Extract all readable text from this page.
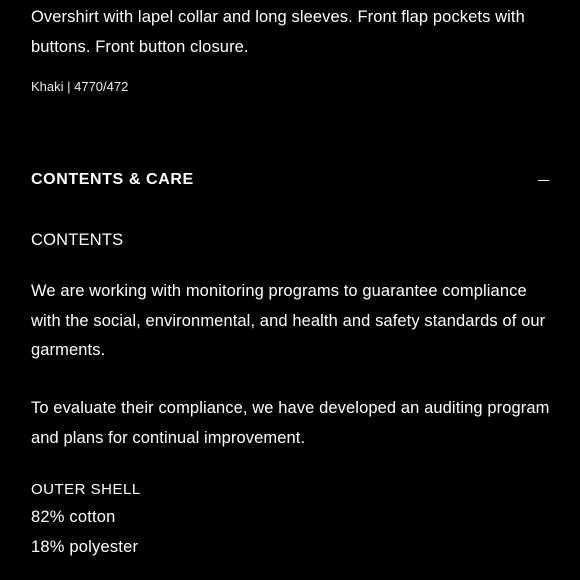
Overshirt with lapel collar and long sleeves. Front flap pockets with buttons. Front button closure.

Khaki | 4770/472

CONTENTS & CARE

CONTENTS

We are working with monitoring programs to guarantee compliance with the social, environmental, and health and safety standards of our garments.

To evaluate their compliance, we have developed an auditing program and plans for continual improvement.

OUTER SHELL

82% cotton
18% polyester
